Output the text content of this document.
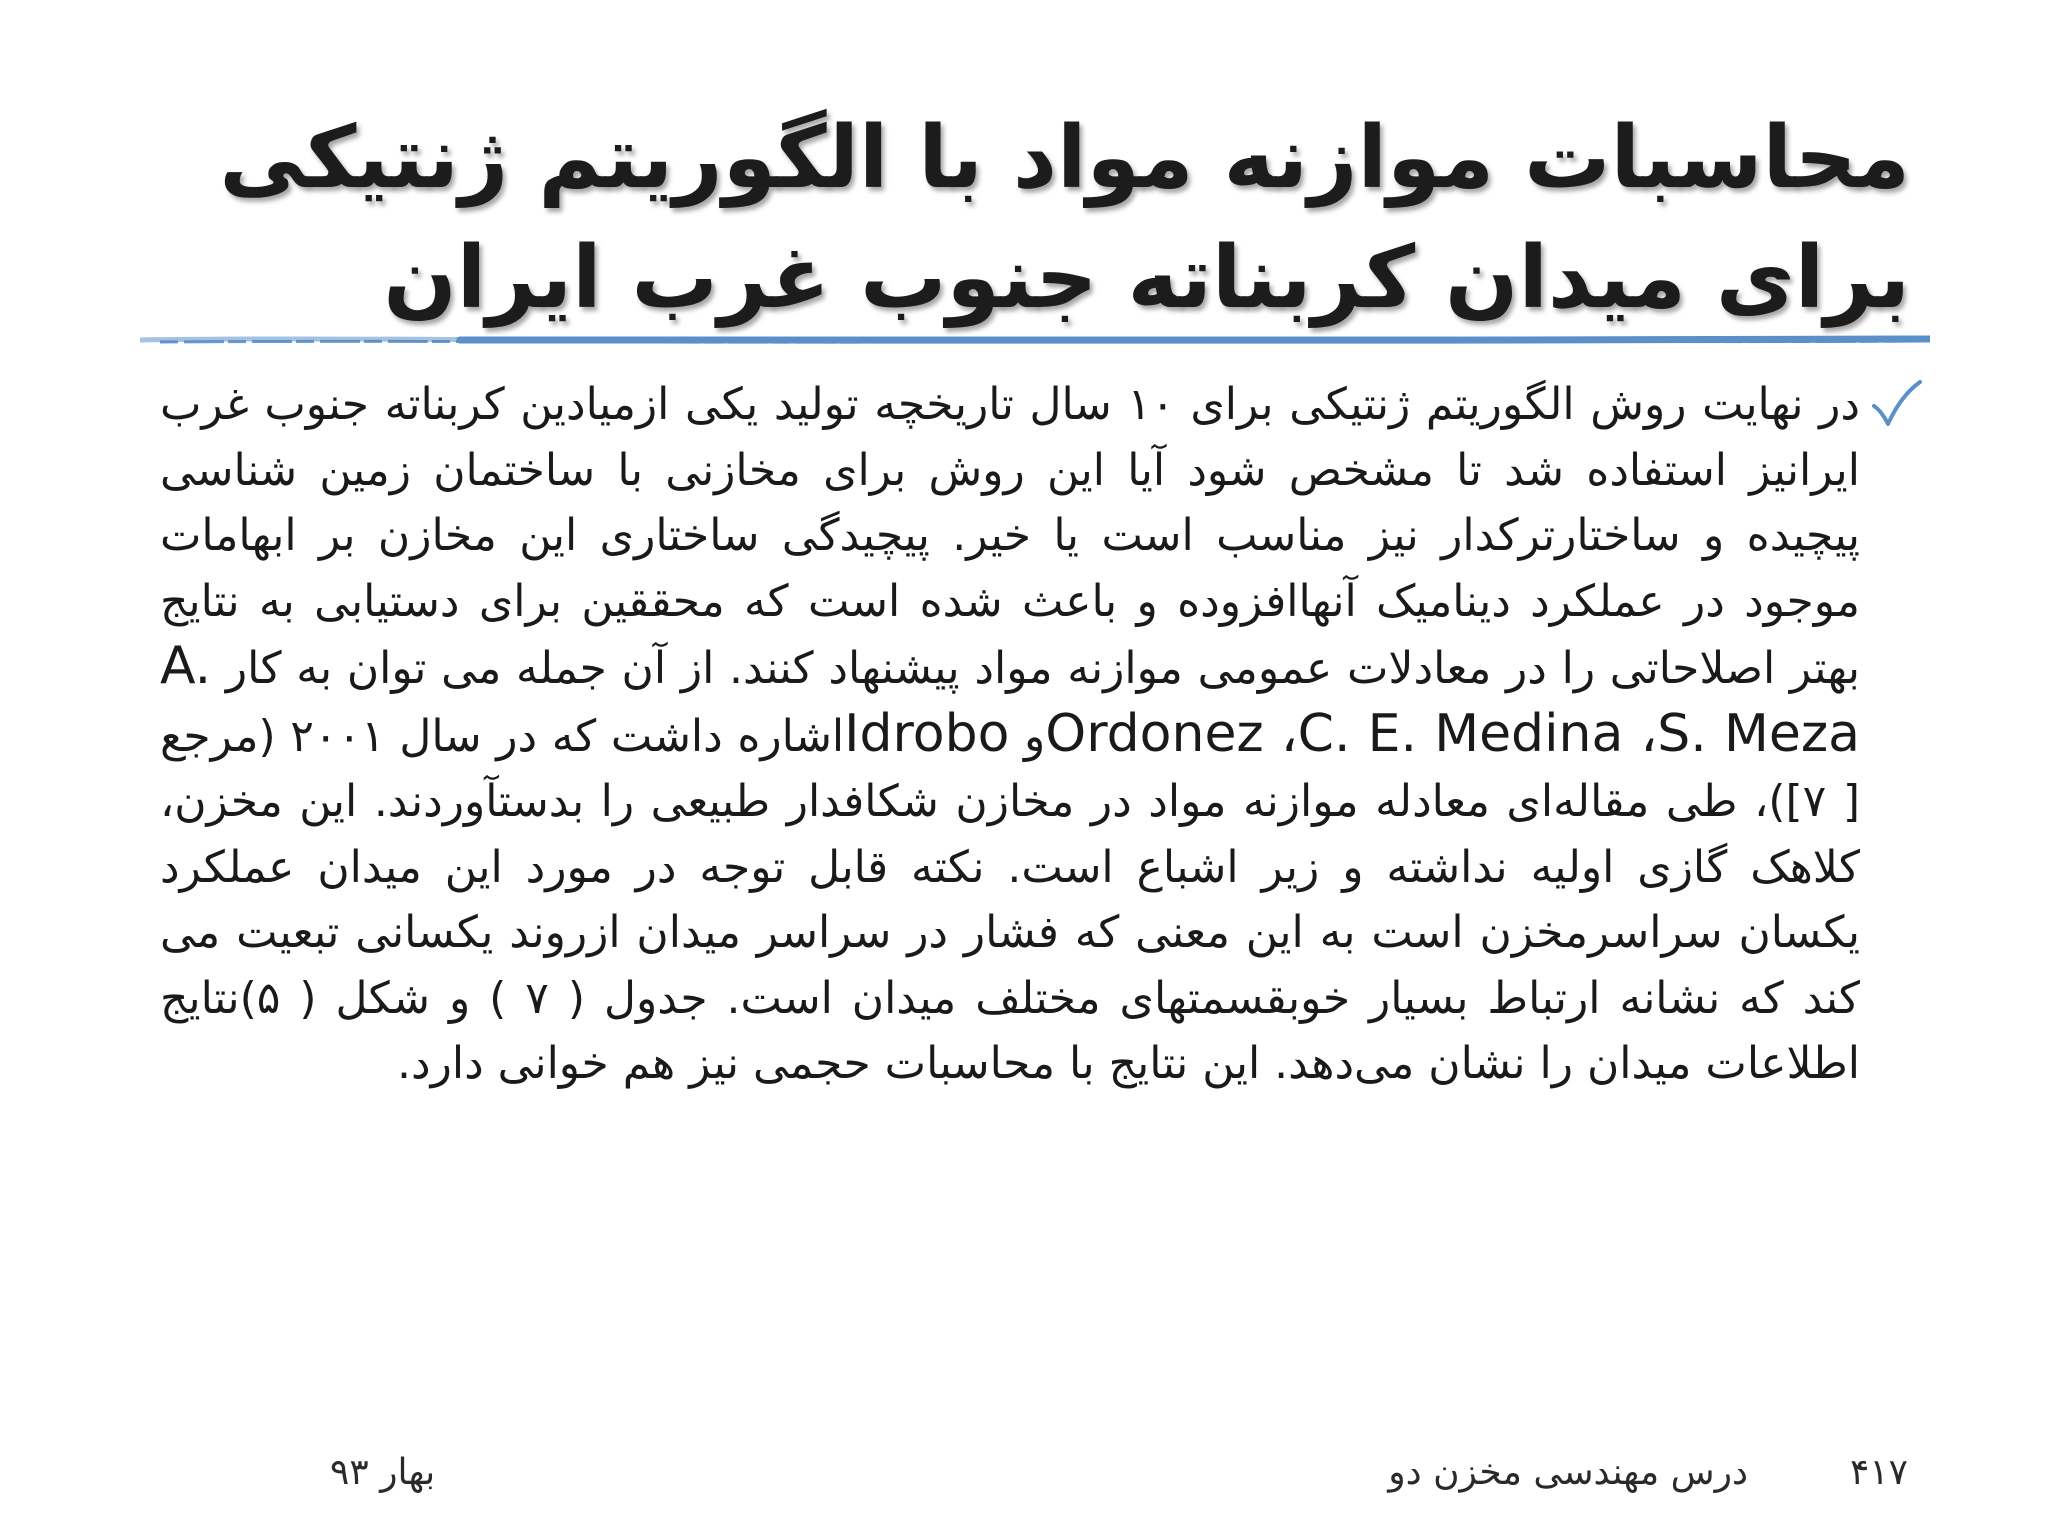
محاسبات موازنه مواد با الگوریتم ژنتیکی
برای میدان کربناته جنوب غرب ایران

در نهایت روش الگوریتم ژنتیکی برای ۱۰ سال تاریخچه تولید یکی ازمیادین کربناته جنوب غرب ایرانیز استفاده شد تا مشخص شود آیا این روش برای مخازنی با ساختمان زمین شناسی پیچیده و ساختارترکدار نیز مناسب است یا خیر. پیچیدگی ساختاری این مخازن بر ابهامات موجود در عملکرد دینامیک آنهاافزوده و باعث شده است که محققین برای دستیابی به نتایج بهتر اصلاحاتی را در معادلات عمومی موازنه مواد پیشنهاد کنند. از آن جمله می توان به کار A. Ordonez ،C. E. Medina ،S. Mezaو Idroboاشاره داشت که در سال ۲۰۰۱ (مرجع [ ۷])، طی مقاله‌ای معادله موازنه مواد در مخازن شکافدار طبیعی را بدستآوردند. این مخزن، کلاهک گازی اولیه نداشته و زیر اشباع است. نکته قابل توجه در مورد این میدان عملکرد یکسان سراسرمخزن است به این معنی که فشار در سراسر میدان ازروند یکسانی تبعیت می کند که نشانه ارتباط بسیار خوبقسمتهای مختلف میدان است. جدول ( ۷ ) و شکل ( ۵)نتایج اطلاعات میدان را نشان می‌دهد. این نتایج با محاسبات حجمی نیز هم خوانی دارد.

۴۱۷
درس مهندسی مخزن دو
بهار ۹۳
